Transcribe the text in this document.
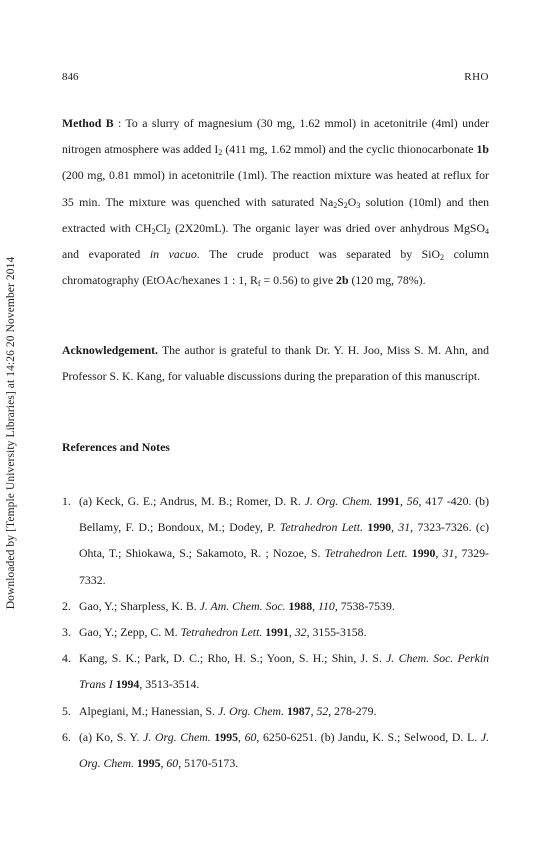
Downloaded by [Temple University Libraries] at 14:26 20 November 2014
846	RHO

Method B : To a slurry of magnesium (30 mg, 1.62 mmol) in acetonitrile (4ml) under nitrogen atmosphere was added $I_2$ (411 mg, 1.62 mmol) and the cyclic thionocarbonate 1b (200 mg, 0.81 mmol) in acetonitrile (1ml). The reaction mixture was heated at reflux for 35 min. The mixture was quenched with saturated $Na_2S_2O_3$ solution (10ml) and then extracted with $CH_2Cl_2$ (2X20mL). The organic layer was dried over anhydrous MgSO$_4$ and evaporated in vacuo. The crude product was separated by SiO$_2$ column chromatography (EtOAc/hexanes 1 : 1, $R_f = 0.56$) to give 2b (120 mg, 78%).

Acknowledgement. The author is grateful to thank Dr. Y. H. Joo, Miss S. M. Ahn, and Professor S. K. Kang, for valuable discussions during the preparation of this manuscript.

References and Notes
1. (a) Keck, G. E.; Andrus, M. B.; Romer, D. R. J. Org. Chem. 1991, 56, 417 -420. (b) Bellamy, F. D.; Bondoux, M.; Dodey, P. Tetrahedron Lett. 1990, 31, 7323-7326. (c) Ohta, T.; Shiokawa, S.; Sakamoto, R. ; Nozoe, S. Tetrahedron Lett. 1990, 31, 7329-7332.
2. Gao, Y.; Sharpless, K. B. J. Am. Chem. Soc. 1988, 110, 7538-7539.
3. Gao, Y.; Zepp, C. M. Tetrahedron Lett. 1991, 32, 3155-3158.
4. Kang, S. K.; Park, D. C.; Rho, H. S.; Yoon, S. H.; Shin, J. S. J. Chem. Soc. Perkin Trans I 1994, 3513-3514.
5. Alpegiani, M.; Hanessian, S. J. Org. Chem. 1987, 52, 278-279.
6. (a) Ko, S. Y. J. Org. Chem. 1995, 60, 6250-6251. (b) Jandu, K. S.; Selwood, D. L. J. Org. Chem. 1995, 60, 5170-5173.
